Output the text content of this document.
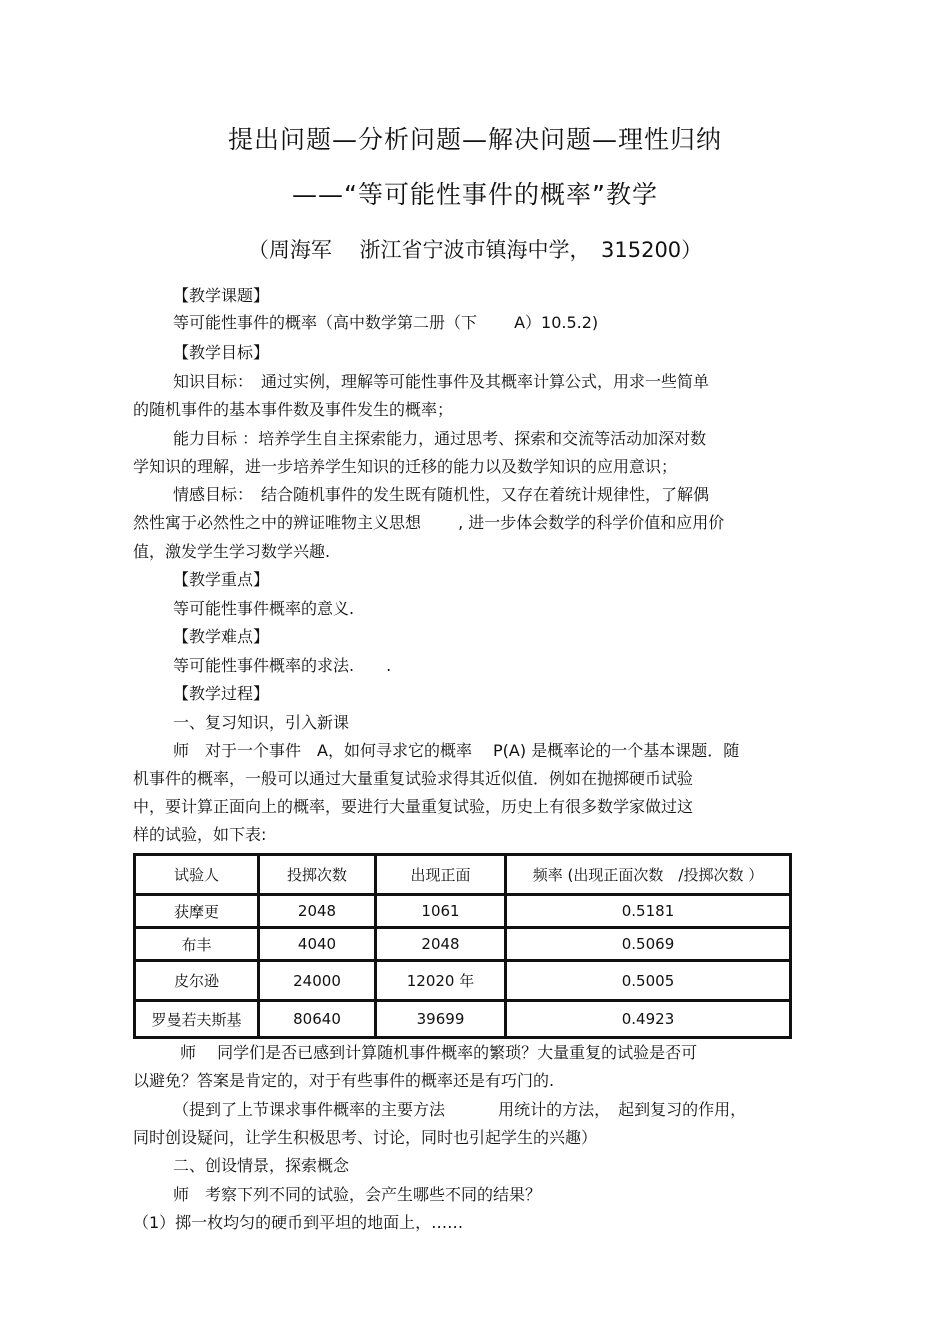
提出问题—分析问题—解决问题—理性归纳
——“等可能性事件的概率”教学
（周海军　 浙江省宁波市镇海中学，　315200）
【教学课题】
等可能性事件的概率（高中数学第二册（下　　 A）10.5.2)
【教学目标】
知识目标：　通过实例，理解等可能性事件及其概率计算公式，用求一些简单
的随机事件的基本事件数及事件发生的概率；
能力目标 ：培养学生自主探索能力，通过思考、探索和交流等活动加深对数
学知识的理解，进一步培养学生知识的迁移的能力以及数学知识的应用意识；
情感目标：　结合随机事件的发生既有随机性，又存在着统计规律性，了解偶
然性寓于必然性之中的辨证唯物主义思想　　 , 进一步体会数学的科学价值和应用价
值，激发学生学习数学兴趣.
【教学重点】
等可能性事件概率的意义.
【教学难点】
等可能性事件概率的求法.　　.
【教学过程】
一、复习知识，引入新课
师　对于一个事件　A，如何寻求它的概率　 P(A) 是概率论的一个基本课题．随
机事件的概率，一般可以通过大量重复试验求得其近似值．例如在抛掷硬币试验
中，要计算正面向上的概率，要进行大量重复试验，历史上有很多数学家做过这
样的试验，如下表:
试验人	投掷次数	出现正面	频率 (出现正面次数　/投掷次数 ）
获摩更	2048	1061	0.5181
布丰	4040	2048	0.5069
皮尔逊	24000	12020 年	0.5005
罗曼若夫斯基	80640	39699	0.4923
师　 同学们是否已感到计算随机事件概率的繁琐？大量重复的试验是否可
以避免？答案是肯定的，对于有些事件的概率还是有巧门的.
（提到了上节课求事件概率的主要方法　　　 用统计的方法，　起到复习的作用，
同时创设疑问，让学生积极思考、讨论，同时也引起学生的兴趣）
二、创设情景，探索概念
师　考察下列不同的试验，会产生哪些不同的结果？
（1）掷一枚均匀的硬币到平坦的地面上，……
